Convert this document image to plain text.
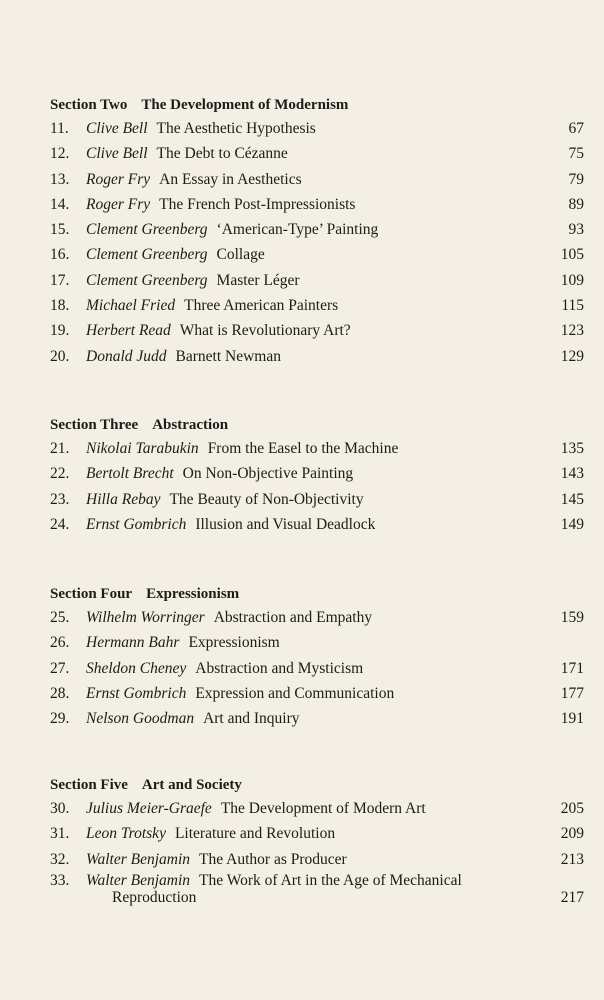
Section Two The Development of Modernism
11.	Clive Bell The Aesthetic Hypothesis	67
12.	Clive Bell The Debt to Cézanne	75
13.	Roger Fry An Essay in Aesthetics	79
14.	Roger Fry The French Post-Impressionists	89
15.	Clement Greenberg ‘American-Type’ Painting	93
16.	Clement Greenberg Collage	105
17.	Clement Greenberg Master Léger	109
18.	Michael Fried Three American Painters	115
19.	Herbert Read What is Revolutionary Art?	123
20.	Donald Judd Barnett Newman	129
Section Three Abstraction
21.	Nikolai Tarabukin From the Easel to the Machine	135
22.	Bertolt Brecht On Non-Objective Painting	143
23.	Hilla Rebay The Beauty of Non-Objectivity	145
24.	Ernst Gombrich Illusion and Visual Deadlock	149
Section Four Expressionism
25.	Wilhelm Worringer Abstraction and Empathy	159
26.	Hermann Bahr Expressionism
27.	Sheldon Cheney Abstraction and Mysticism	171
28.	Ernst Gombrich Expression and Communication	177
29.	Nelson Goodman Art and Inquiry	191
Section Five Art and Society
30.	Julius Meier-Graefe The Development of Modern Art	205
31.	Leon Trotsky Literature and Revolution	209
32.	Walter Benjamin The Author as Producer	213
33.	Walter Benjamin The Work of Art in the Age of Mechanical
Reproduction	217
